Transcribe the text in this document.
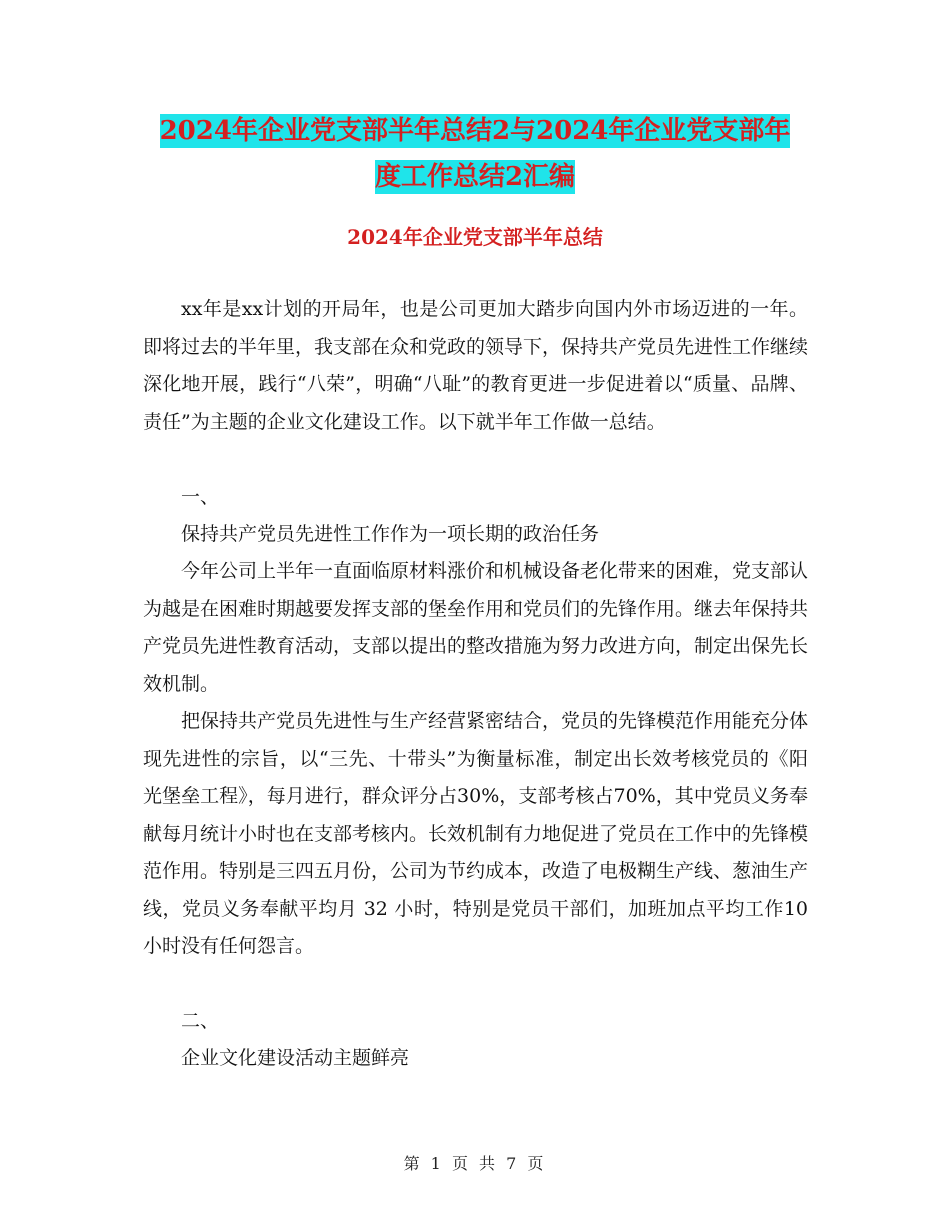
2024年企业党支部半年总结2与2024年企业党支部年
度工作总结2汇编
2024年企业党支部半年总结

xx年是xx计划的开局年，也是公司更加大踏步向国内外市场迈进的一年。即将过去的半年里，我支部在众和党政的领导下，保持共产党员先进性工作继续深化地开展，践行“八荣”，明确“八耻”的教育更进一步促进着以“质量、品牌、责任”为主题的企业文化建设工作。以下就半年工作做一总结。

一、

保持共产党员先进性工作作为一项长期的政治任务

今年公司上半年一直面临原材料涨价和机械设备老化带来的困难，党支部认为越是在困难时期越要发挥支部的堡垒作用和党员们的先锋作用。继去年保持共产党员先进性教育活动，支部以提出的整改措施为努力改进方向，制定出保先长效机制。

把保持共产党员先进性与生产经营紧密结合，党员的先锋模范作用能充分体现先进性的宗旨，以“三先、十带头”为衡量标准，制定出长效考核党员的《阳光堡垒工程》，每月进行，群众评分占30%，支部考核占70%，其中党员义务奉献每月统计小时也在支部考核内。长效机制有力地促进了党员在工作中的先锋模范作用。特别是三四五月份，公司为节约成本，改造了电极糊生产线、葱油生产线，党员义务奉献平均月 32 小时，特别是党员干部们，加班加点平均工作10小时没有任何怨言。

二、

企业文化建设活动主题鲜亮

第 1 页 共 7 页
